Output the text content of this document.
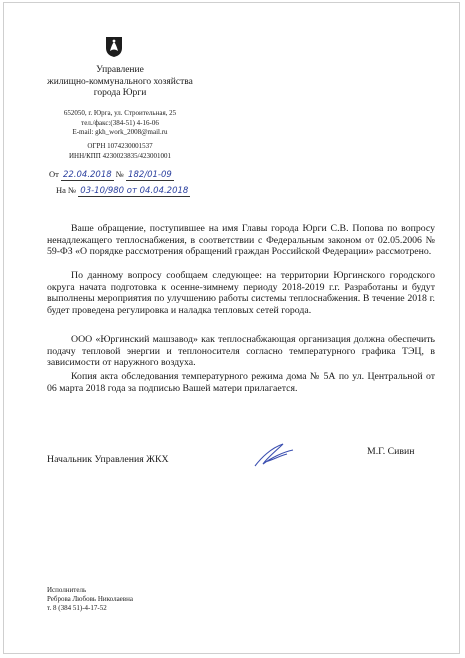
Управление
жилищно-коммунального хозяйства
города Юрги
652050, г. Юрга, ул. Строительная, 25
тел./факс:(384-51) 4-16-06
E-mail: gkh_work_2008@mail.ru
ОГРН 1074230001537
ИНН/КПП 4230023835/423001001
От 22.04.2018 № 182/01-09
На № 03-10/980 от 04.04.2018

Ваше обращение, поступившее на имя Главы города Юрги С.В. Попова по вопросу ненадлежащего теплоснабжения, в соответствии с Федеральным законом от 02.05.2006 № 59-ФЗ «О порядке рассмотрения обращений граждан Российской Федерации» рассмотрено.

По данному вопросу сообщаем следующее: на территории Юргинского городского округа начата подготовка к осенне-зимнему периоду 2018-2019 г.г. Разработаны и будут выполнены мероприятия по улучшению работы системы теплоснабжения. В течение 2018 г. будет проведена регулировка и наладка тепловых сетей города.

ООО «Юргинский машзавод» как теплоснабжающая организация должна обеспечить подачу тепловой энергии и теплоносителя согласно температурного графика ТЭЦ, в зависимости от наружного воздуха.

Копия акта обследования температурного режима дома № 5А по ул. Центральной от 06 марта 2018 года за подписью Вашей матери прилагается.

Начальник Управления ЖКХ
М.Г. Сивин
Исполнитель
Реброва Любовь Николаевна
т. 8 (384 51)-4-17-52
